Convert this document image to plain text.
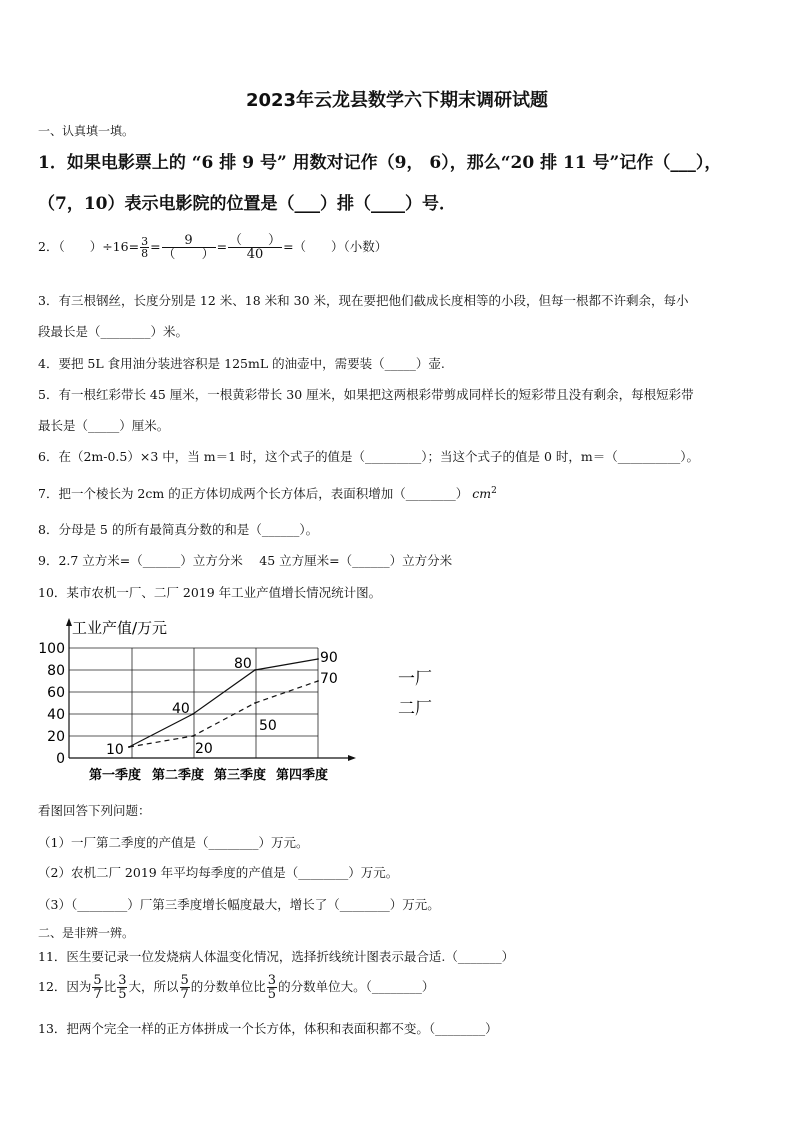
2023年云龙县数学六下期末调研试题
一、认真填一填。
1．如果电影票上的 “6 排 9 号” 用数对记作（9， 6），那么“20 排 11 号”记作（___），
（7，10）表示电影院的位置是（___）排（____）号．
2．（　　）$\div 16= \frac{3}{8} = \frac{9}{( )} = \frac{( )}{40}$ =（　　）（小数）
3．有三根钢丝，长度分别是 12 米、18 米和 30 米，现在要把他们截成长度相等的小段，但每一根都不许剩余，每小
段最长是（________）米。
4．要把 5L 食用油分装进容积是 125mL 的油壶中，需要装（_____）壶.
5．有一根红彩带长 45 厘米，一根黄彩带长 30 厘米，如果把这两根彩带剪成同样长的短彩带且没有剩余，每根短彩带
最长是（_____）厘米。
6．在（2m-0.5）×3 中，当 m＝1 时，这个式子的值是（_________）；当这个式子的值是 0 时，m＝（__________）。
7．把一个棱长为 2cm 的正方体切成两个长方体后，表面积增加（________） $cm^2$
8．分母是 5 的所有最简真分数的和是（______）。
9．2.7 立方米=（______）立方分米　 45 立方厘米=（______）立方分米
10．某市农机一厂、二厂 2019 年工业产值增长情况统计图。
工业产值/万元
0
20
40
60
80
100
第一季度 第二季度 第三季度 第四季度
10
40
80	90
20
50
70	一厂
二厂
看图回答下列问题：
（1）一厂第二季度的产值是（________）万元。
（2）农机二厂 2019 年平均每季度的产值是（________）万元。
（3）（________）厂第三季度增长幅度最大，增长了（________）万元。
二、是非辨一辨。
11．医生要记录一位发烧病人体温变化情况，选择折线统计图表示最合适.（_______）
12．因为 $\frac{5}{7}$ 比 $\frac{3}{5}$ 大，所以 $\frac{5}{7}$ 的分数单位比 $\frac{3}{5}$ 的分数单位大。（________）
13．把两个完全一样的正方体拼成一个长方体，体积和表面积都不变。（________）
